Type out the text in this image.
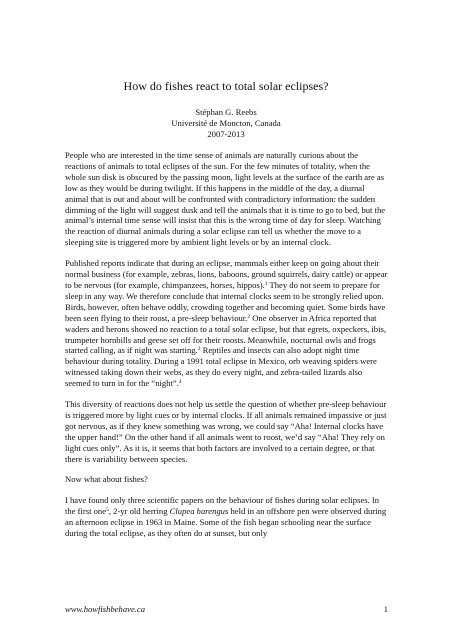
How do fishes react to total solar eclipses?
Stéphan G. Reebs
Université de Moncton, Canada
2007-2013

People who are interested in the time sense of animals are naturally curious about the reactions of animals to total eclipses of the sun. For the few minutes of totality, when the whole sun disk is obscured by the passing moon, light levels at the surface of the earth are as low as they would be during twilight. If this happens in the middle of the day, a diurnal animal that is out and about will be confronted with contradictory information: the sudden dimming of the light will suggest dusk and tell the animals that it is time to go to bed, but the animal’s internal time sense will insist that this is the wrong time of day for sleep. Watching the reaction of diurnal animals during a solar eclipse can tell us whether the move to a sleeping site is triggered more by ambient light levels or by an internal clock.

Published reports indicate that during an eclipse, mammals either keep on going about their normal business (for example, zebras, lions, baboons, ground squirrels, dairy cattle) or appear to be nervous (for example, chimpanzees, horses, hippos).$^1$ They do not seem to prepare for sleep in any way. We therefore conclude that internal clocks seem to be strongly relied upon. Birds, however, often behave oddly, crowding together and becoming quiet. Some birds have been seen flying to their roost, a pre-sleep behaviour.$^2$ One observer in Africa reported that waders and herons showed no reaction to a total solar eclipse, but that egrets, oxpeckers, ibis, trumpeter hornbills and geese set off for their roosts. Meanwhile, nocturnal owls and frogs started calling, as if night was starting.$^3$ Reptiles and insects can also adopt night time behaviour during totality. During a 1991 total eclipse in Mexico, orb weaving spiders were witnessed taking down their webs, as they do every night, and zebra-tailed lizards also seemed to turn in for the “night”.$^4$

This diversity of reactions does not help us settle the question of whether pre-sleep behaviour is triggered more by light cues or by internal clocks. If all animals remained impassive or just got nervous, as if they knew something was wrong, we could say “Aha! Internal clocks have the upper hand!” On the other hand if all animals went to roost, we’d say “Aha! They rely on light cues only”. As it is, it seems that both factors are involved to a certain degree, or that there is variability between species.

Now what about fishes?

I have found only three scientific papers on the behaviour of fishes during solar eclipses. In the first one$^5$, 2-yr old herring Clupea harengus held in an offshore pen were observed during an afternoon eclipse in 1963 in Maine. Some of the fish began schooling near the surface during the total eclipse, as they often do at sunset, but only

www.howfishbehave.ca	1
